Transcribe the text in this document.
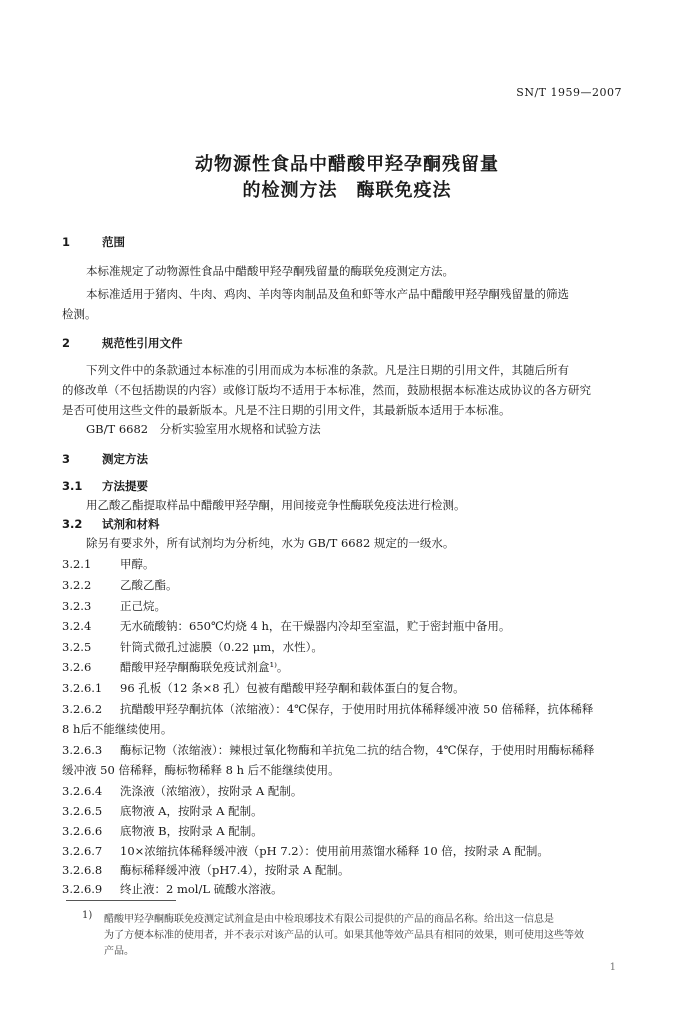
SN/T 1959—2007
动物源性食品中醋酸甲羟孕酮残留量
的检测方法　酶联免疫法
1	范围
本标准规定了动物源性食品中醋酸甲羟孕酮残留量的酶联免疫测定方法。
本标准适用于猪肉、牛肉、鸡肉、羊肉等肉制品及鱼和虾等水产品中醋酸甲羟孕酮残留量的筛选
检测。
2	规范性引用文件
下列文件中的条款通过本标准的引用而成为本标准的条款。凡是注日期的引用文件，其随后所有
的修改单（不包括勘误的内容）或修订版均不适用于本标准，然而，鼓励根据本标准达成协议的各方研究
是否可使用这些文件的最新版本。凡是不注日期的引用文件，其最新版本适用于本标准。
GB/T 6682　分析实验室用水规格和试验方法
3	测定方法
3.1 方法提要
用乙酸乙酯提取样品中醋酸甲羟孕酮，用间接竞争性酶联免疫法进行检测。
3.2 试剂和材料
除另有要求外，所有试剂均为分析纯，水为 GB/T 6682 规定的一级水。
3.2.1 甲醇。
3.2.2 乙酸乙酯。
3.2.3 正己烷。
3.2.4 无水硫酸钠：650℃灼烧 4 h，在干燥器内冷却至室温，贮于密封瓶中备用。
3.2.5 针筒式微孔过滤膜（0.22 μm，水性）。
3.2.6 醋酸甲羟孕酮酶联免疫试剂盒¹⁾。
3.2.6.1 96 孔板（12 条×8 孔）包被有醋酸甲羟孕酮和载体蛋白的复合物。
3.2.6.2 抗醋酸甲羟孕酮抗体（浓缩液）：4℃保存，于使用时用抗体稀释缓冲液 50 倍稀释，抗体稀释
8 h后不能继续使用。
3.2.6.3 酶标记物（浓缩液）：辣根过氧化物酶和羊抗兔二抗的结合物，4℃保存，于使用时用酶标稀释
缓冲液 50 倍稀释，酶标物稀释 8 h 后不能继续使用。
3.2.6.4 洗涤液（浓缩液），按附录 A 配制。
3.2.6.5 底物液 A，按附录 A 配制。
3.2.6.6 底物液 B，按附录 A 配制。
3.2.6.7 10×浓缩抗体稀释缓冲液（pH 7.2）：使用前用蒸馏水稀释 10 倍，按附录 A 配制。
3.2.6.8 酶标稀释缓冲液（pH7.4），按附录 A 配制。
3.2.6.9 终止液：2 mol/L 硫酸水溶液。
1) 醋酸甲羟孕酮酶联免疫测定试剂盒是由中检琅琊技术有限公司提供的产品的商品名称。给出这一信息是
为了方便本标准的使用者，并不表示对该产品的认可。如果其他等效产品具有相同的效果，则可使用这些等效
产品。
1
